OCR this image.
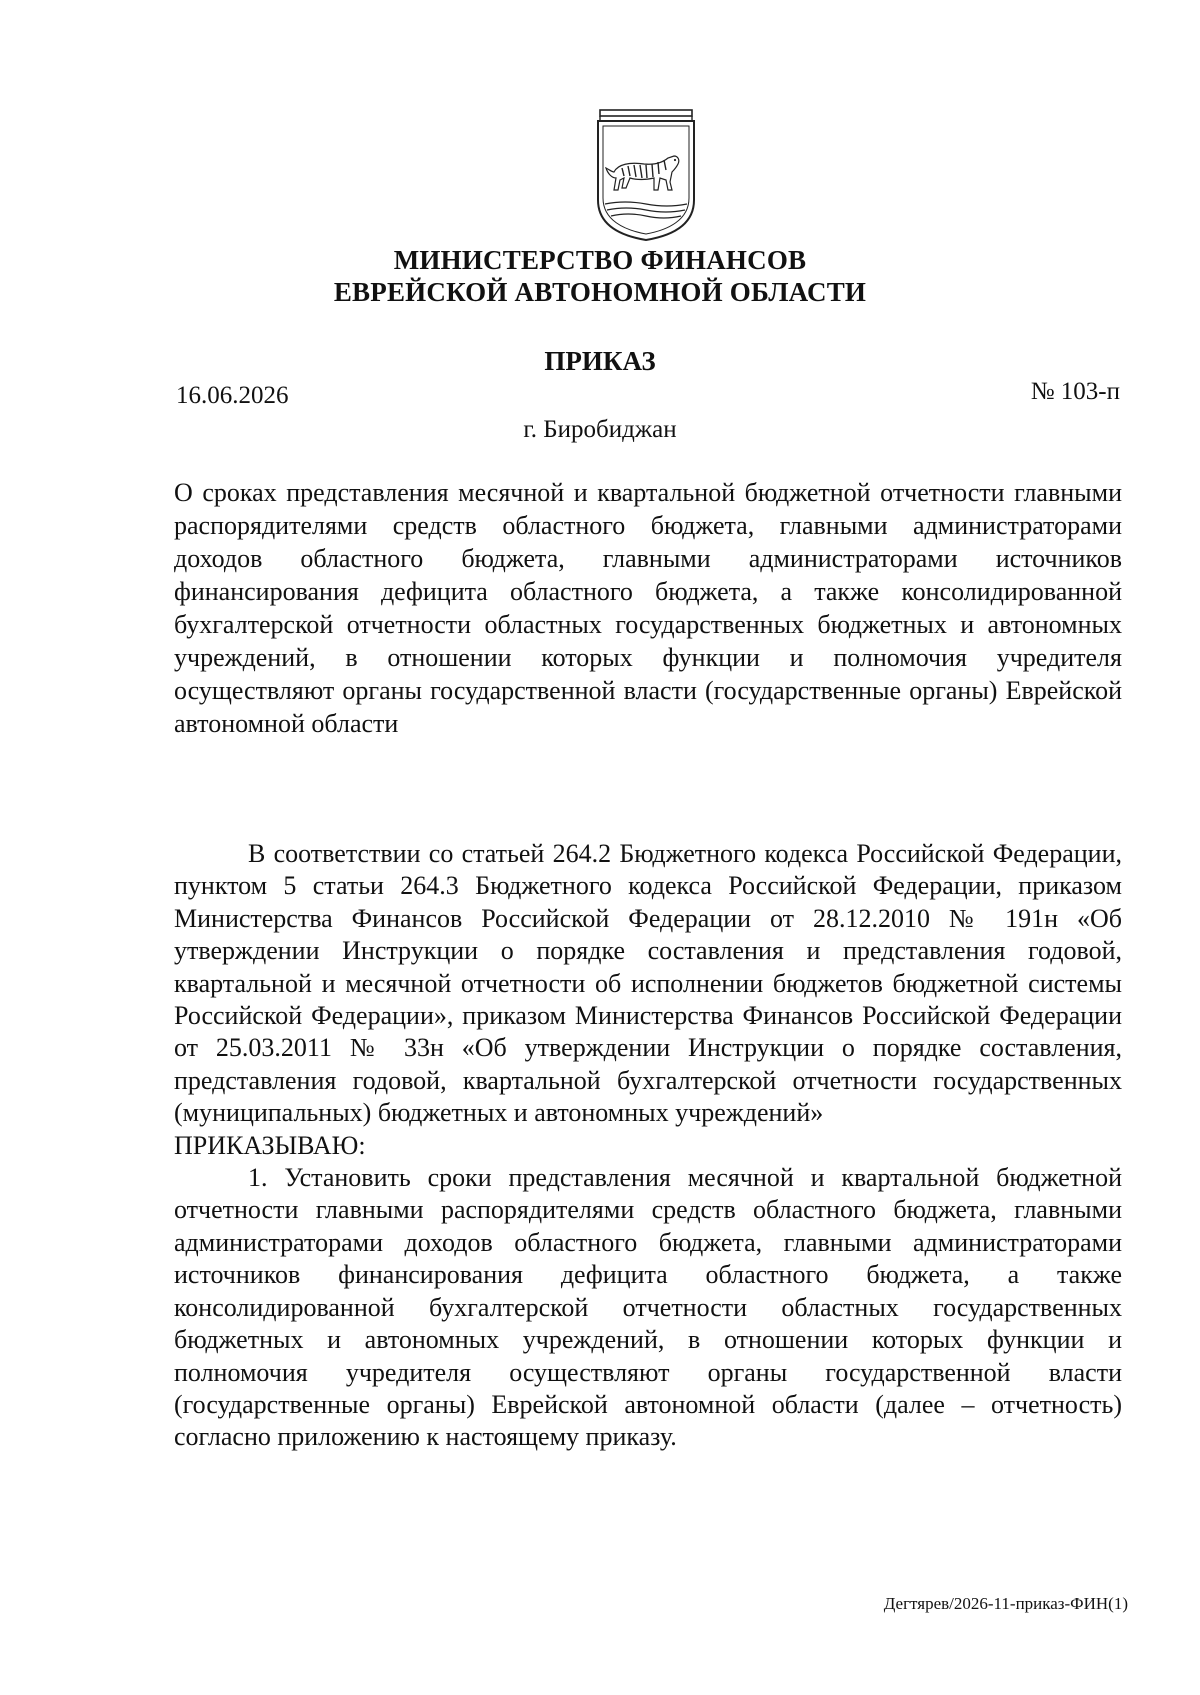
МИНИСТЕРСТВО ФИНАНСОВ
ЕВРЕЙСКОЙ АВТОНОМНОЙ ОБЛАСТИ
ПРИКАЗ
16.06.2026	№ 103-п
г. Биробиджан
О сроках представления месячной и квартальной бюджетной отчетности главными распорядителями средств областного бюджета, главными администраторами доходов областного бюджета, главными администраторами источников финансирования дефицита областного бюджета, а также консолидированной бухгалтерской отчетности областных государственных бюджетных и автономных учреждений, в отношении которых функции и полномочия учредителя осуществляют органы государственной власти (государственные органы) Еврейской автономной области

В соответствии со статьей 264.2 Бюджетного кодекса Российской Федерации, пунктом 5 статьи 264.3 Бюджетного кодекса Российской Федерации, приказом Министерства Финансов Российской Федерации от 28.12.2010 № 191н «Об утверждении Инструкции о порядке составления и представления годовой, квартальной и месячной отчетности об исполнении бюджетов бюджетной системы Российской Федерации», приказом Министерства Финансов Российской Федерации от 25.03.2011 № 33н «Об утверждении Инструкции о порядке составления, представления годовой, квартальной бухгалтерской отчетности государственных (муниципальных) бюджетных и автономных учреждений»

ПРИКАЗЫВАЮ:

1. Установить сроки представления месячной и квартальной бюджетной отчетности главными распорядителями средств областного бюджета, главными администраторами доходов областного бюджета, главными администраторами источников финансирования дефицита областного бюджета, а также консолидированной бухгалтерской отчетности областных государственных бюджетных и автономных учреждений, в отношении которых функции и полномочия учредителя осуществляют органы государственной власти (государственные органы) Еврейской автономной области (далее – отчетность) согласно приложению к настоящему приказу.

Дегтярев/2026-11-приказ-ФИН(1)
